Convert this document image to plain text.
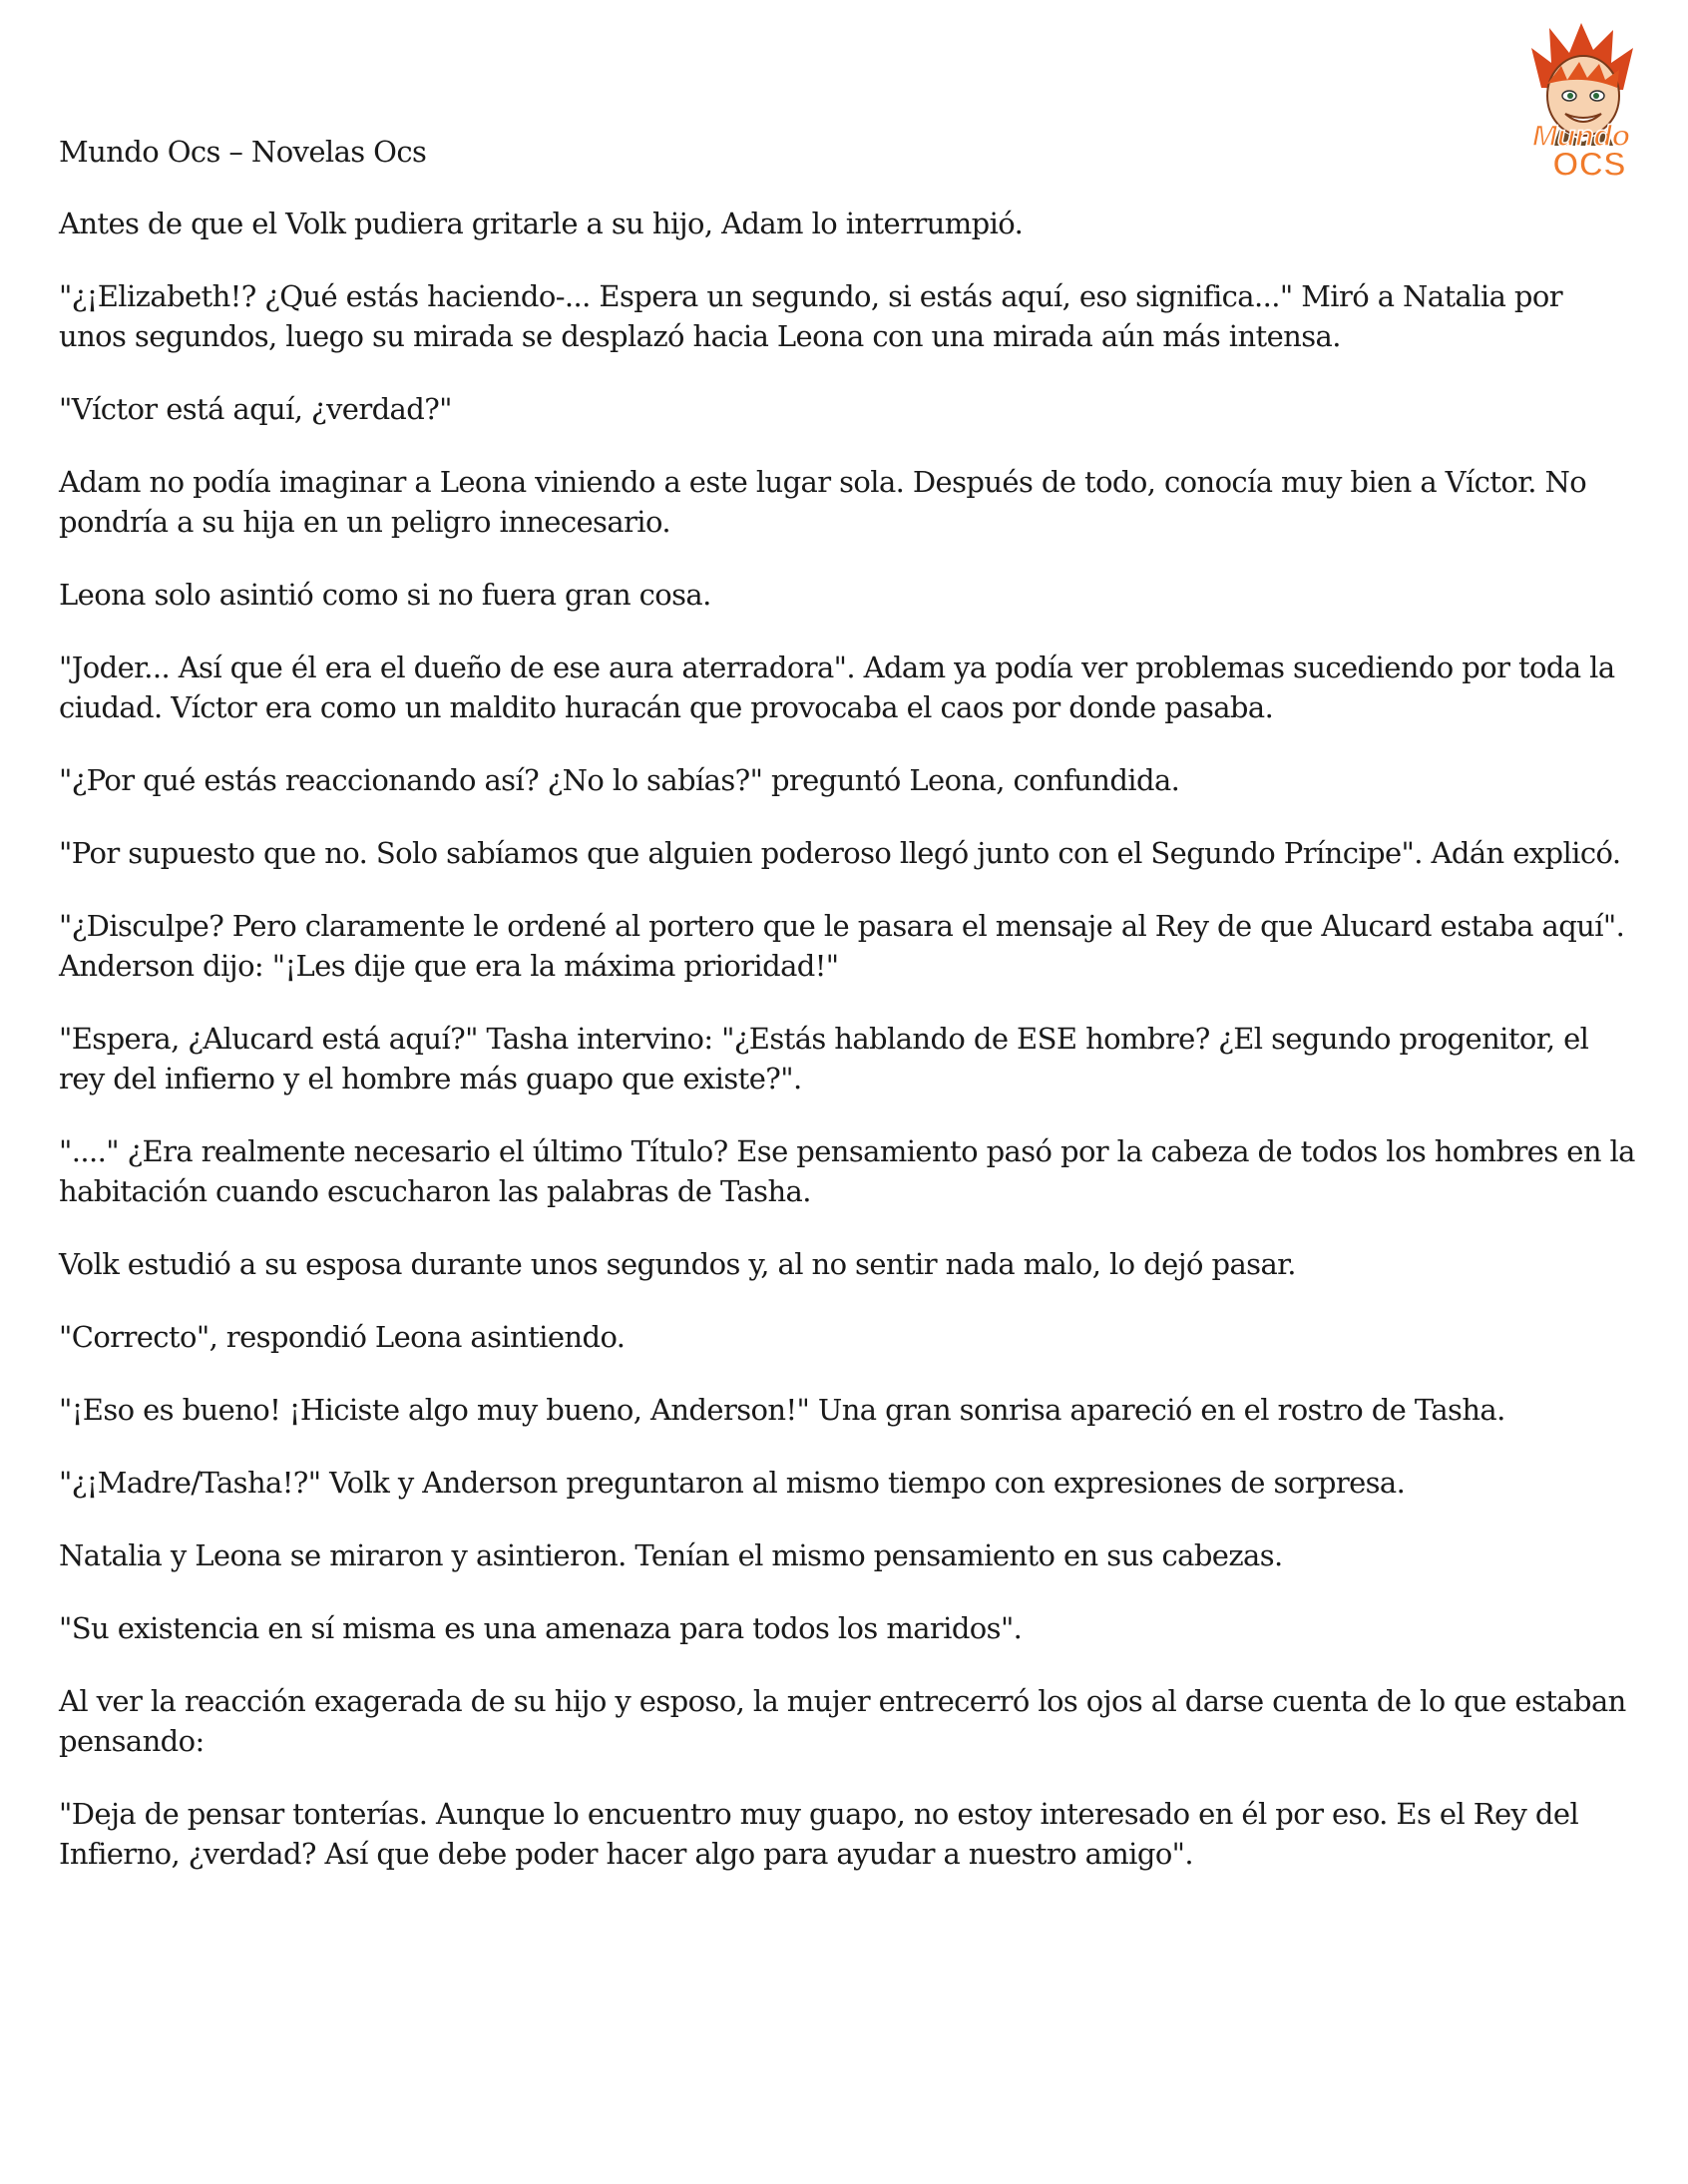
Mundo
OCS
Mundo Ocs – Novelas Ocs

Antes de que el Volk pudiera gritarle a su hijo, Adam lo interrumpió.

"¿¡Elizabeth!? ¿Qué estás haciendo-... Espera un segundo, si estás aquí, eso significa..." Miró a Natalia por unos segundos, luego su mirada se desplazó hacia Leona con una mirada aún más intensa.

"Víctor está aquí, ¿verdad?"

Adam no podía imaginar a Leona viniendo a este lugar sola. Después de todo, conocía muy bien a Víctor. No pondría a su hija en un peligro innecesario.

Leona solo asintió como si no fuera gran cosa.

"Joder... Así que él era el dueño de ese aura aterradora". Adam ya podía ver problemas sucediendo por toda la ciudad. Víctor era como un maldito huracán que provocaba el caos por donde pasaba.

"¿Por qué estás reaccionando así? ¿No lo sabías?" preguntó Leona, confundida.

"Por supuesto que no. Solo sabíamos que alguien poderoso llegó junto con el Segundo Príncipe". Adán explicó.

"¿Disculpe? Pero claramente le ordené al portero que le pasara el mensaje al Rey de que Alucard estaba aquí". Anderson dijo: "¡Les dije que era la máxima prioridad!"

"Espera, ¿Alucard está aquí?" Tasha intervino: "¿Estás hablando de ESE hombre? ¿El segundo progenitor, el rey del infierno y el hombre más guapo que existe?".

"...." ¿Era realmente necesario el último Título? Ese pensamiento pasó por la cabeza de todos los hombres en la habitación cuando escucharon las palabras de Tasha.

Volk estudió a su esposa durante unos segundos y, al no sentir nada malo, lo dejó pasar.

"Correcto", respondió Leona asintiendo.

"¡Eso es bueno! ¡Hiciste algo muy bueno, Anderson!" Una gran sonrisa apareció en el rostro de Tasha.

"¿¡Madre/Tasha!?" Volk y Anderson preguntaron al mismo tiempo con expresiones de sorpresa.

Natalia y Leona se miraron y asintieron. Tenían el mismo pensamiento en sus cabezas.

"Su existencia en sí misma es una amenaza para todos los maridos".

Al ver la reacción exagerada de su hijo y esposo, la mujer entrecerró los ojos al darse cuenta de lo que estaban pensando:

"Deja de pensar tonterías. Aunque lo encuentro muy guapo, no estoy interesado en él por eso. Es el Rey del Infierno, ¿verdad? Así que debe poder hacer algo para ayudar a nuestro amigo".
